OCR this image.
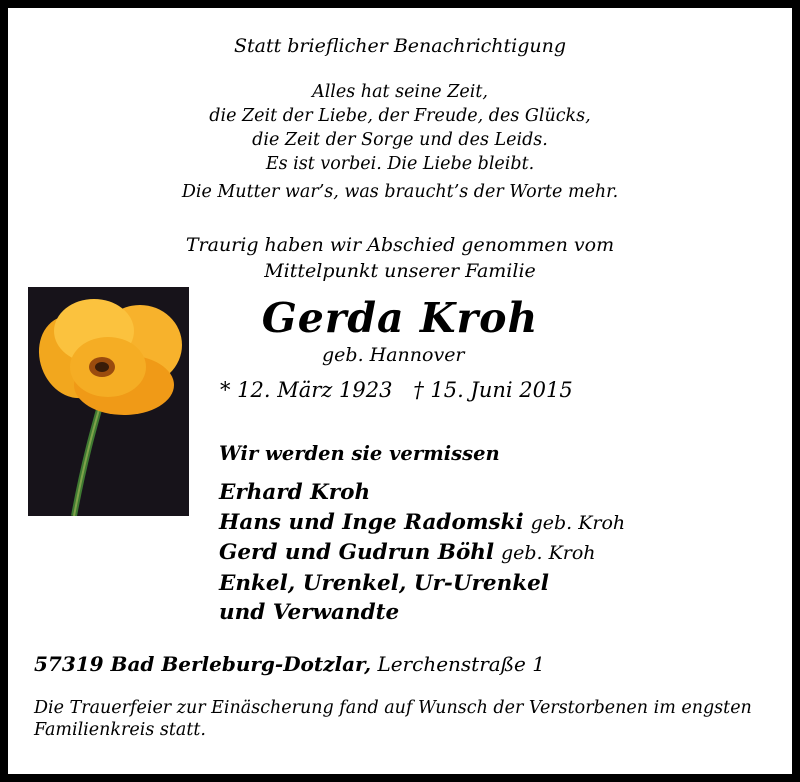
Statt brieflicher Benachrichtigung
Alles hat seine Zeit,
die Zeit der Liebe, der Freude, des Glücks,
die Zeit der Sorge und des Leids.
Es ist vorbei. Die Liebe bleibt.
Die Mutter war’s, was braucht’s der Worte mehr.
Traurig haben wir Abschied genommen vom
Mittelpunkt unserer Familie
Gerda Kroh
geb. Hannover
* 12. März 1923 † 15. Juni 2015
Wir werden sie vermissen
Erhard Kroh
Hans und Inge Radomski geb. Kroh
Gerd und Gudrun Böhl geb. Kroh
Enkel, Urenkel, Ur-Urenkel
und Verwandte
57319 Bad Berleburg-Dotzlar, Lerchenstraße 1
Die Trauerfeier zur Einäscherung fand auf Wunsch der Verstorbenen im engsten Familienkreis statt.
